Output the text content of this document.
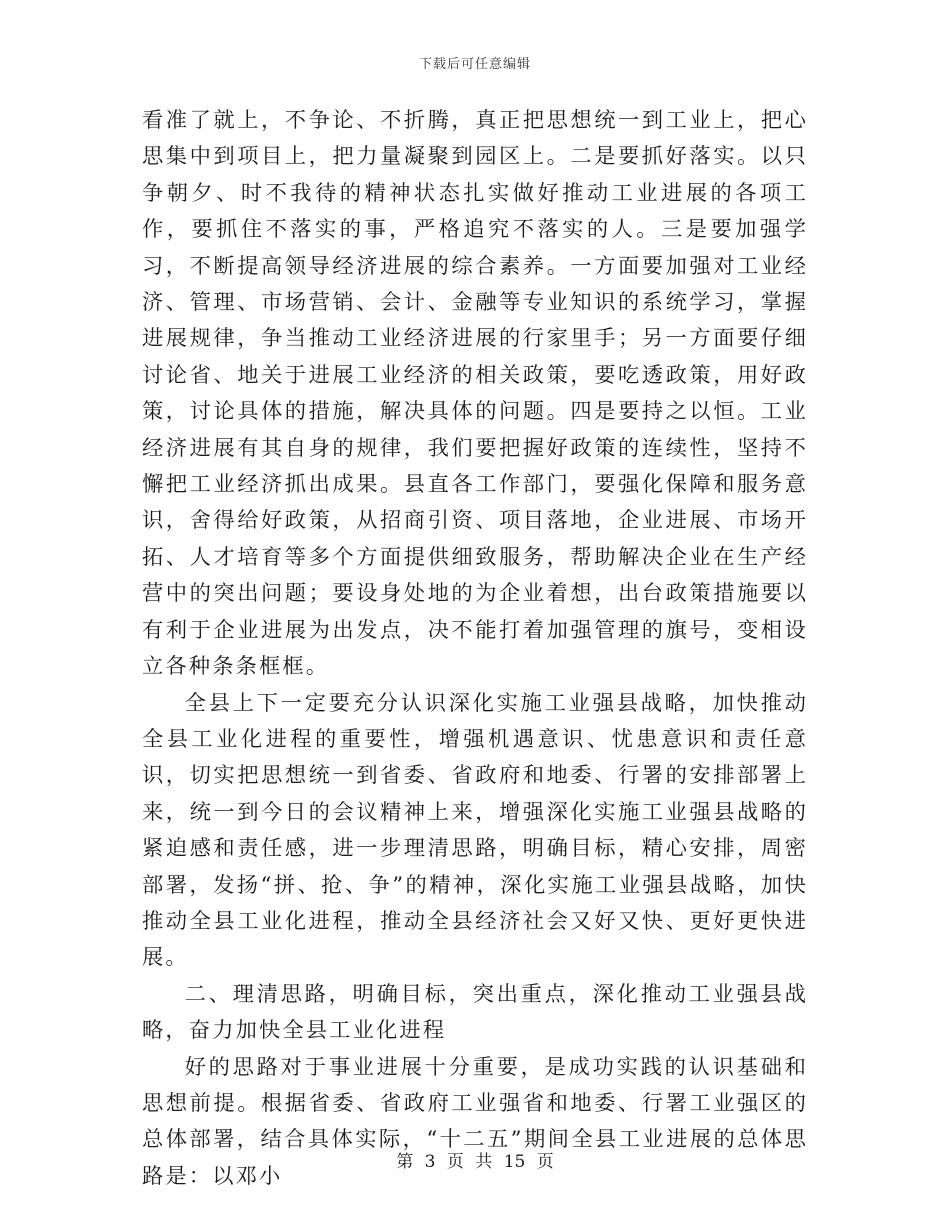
下载后可任意编辑

看准了就上，不争论、不折腾，真正把思想统一到工业上，把心思集中到项目上，把力量凝聚到园区上。二是要抓好落实。以只争朝夕、时不我待的精神状态扎实做好推动工业进展的各项工作，要抓住不落实的事，严格追究不落实的人。三是要加强学习，不断提高领导经济进展的综合素养。一方面要加强对工业经济、管理、市场营销、会计、金融等专业知识的系统学习，掌握进展规律，争当推动工业经济进展的行家里手；另一方面要仔细讨论省、地关于进展工业经济的相关政策，要吃透政策，用好政策，讨论具体的措施，解决具体的问题。四是要持之以恒。工业经济进展有其自身的规律，我们要把握好政策的连续性，坚持不懈把工业经济抓出成果。县直各工作部门，要强化保障和服务意识，舍得给好政策，从招商引资、项目落地，企业进展、市场开拓、人才培育等多个方面提供细致服务，帮助解决企业在生产经营中的突出问题；要设身处地的为企业着想，出台政策措施要以有利于企业进展为出发点，决不能打着加强管理的旗号，变相设立各种条条框框。

全县上下一定要充分认识深化实施工业强县战略，加快推动全县工业化进程的重要性，增强机遇意识、忧患意识和责任意识，切实把思想统一到省委、省政府和地委、行署的安排部署上来，统一到今日的会议精神上来，增强深化实施工业强县战略的紧迫感和责任感，进一步理清思路，明确目标，精心安排，周密部署，发扬“拼、抢、争”的精神，深化实施工业强县战略，加快推动全县工业化进程，推动全县经济社会又好又快、更好更快进展。

二、理清思路，明确目标，突出重点，深化推动工业强县战略，奋力加快全县工业化进程

好的思路对于事业进展十分重要，是成功实践的认识基础和思想前提。根据省委、省政府工业强省和地委、行署工业强区的总体部署，结合具体实际，“十二五”期间全县工业进展的总体思路是：以邓小

第 3 页 共 15 页
